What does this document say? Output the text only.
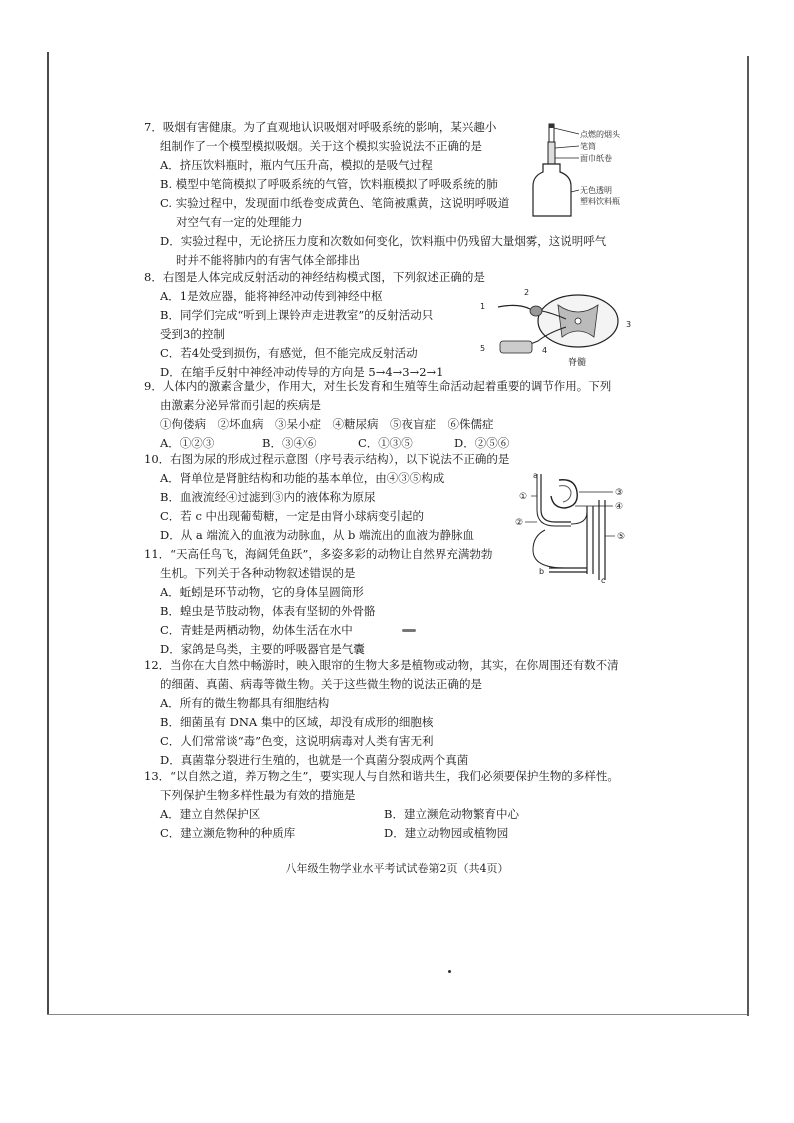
7．吸烟有害健康。为了直观地认识吸烟对呼吸系统的影响，某兴趣小
组制作了一个模型模拟吸烟。关于这个模拟实验说法不正确的是
A．挤压饮料瓶时，瓶内气压升高，模拟的是吸气过程
B. 模型中笔筒模拟了呼吸系统的气管，饮料瓶模拟了呼吸系统的肺
C. 实验过程中，发现面巾纸卷变成黄色、笔筒被熏黄，这说明呼吸道
对空气有一定的处理能力
D．实验过程中，无论挤压力度和次数如何变化，饮料瓶中仍残留大量烟雾，这说明呼气
时并不能将肺内的有害气体全部排出
点燃的烟头
笔筒
面巾纸卷
无色透明
塑料饮料瓶
8．右图是人体完成反射活动的神经结构模式图，下列叙述正确的是
A．1是效应器，能将神经冲动传到神经中枢
B．同学们完成“听到上课铃声走进教室”的反射活动只
受到3的控制
C．若4处受到损伤，有感觉，但不能完成反射活动
D．在缩手反射中神经冲动传导的方向是 5→4→3→2→1
1
2
3
4
5
脊髓
9．人体内的激素含量少，作用大，对生长发育和生殖等生命活动起着重要的调节作用。下列
由激素分泌异常而引起的疾病是
①佝偻病　②坏血病　③呆小症　④糖尿病　⑤夜盲症　⑥侏儒症
A．①②③	B．③④⑥	C．①③⑤	D．②⑤⑥
10．右图为尿的形成过程示意图（序号表示结构），以下说法不正确的是
A．肾单位是肾脏结构和功能的基本单位，由④③⑤构成
B．血液流经④过滤到③内的液体称为原尿
C．若 c 中出现葡萄糖，一定是由肾小球病变引起的
D．从 a 端流入的血液为动脉血，从 b 端流出的血液为静脉血
a
①
②
③
④
⑤
b
c
11．“天高任鸟飞，海阔凭鱼跃”，多姿多彩的动物让自然界充满勃勃
生机。下列关于各种动物叙述错误的是
A．蚯蚓是环节动物，它的身体呈圆筒形
B．蝗虫是节肢动物，体表有坚韧的外骨骼
C．青蛙是两栖动物，幼体生活在水中
D．家鸽是鸟类，主要的呼吸器官是气囊
12．当你在大自然中畅游时，映入眼帘的生物大多是植物或动物，其实，在你周围还有数不清
的细菌、真菌、病毒等微生物。关于这些微生物的说法正确的是
A．所有的微生物都具有细胞结构
B．细菌虽有 DNA 集中的区域，却没有成形的细胞核
C．人们常常谈“毒”色变，这说明病毒对人类有害无利
D．真菌靠分裂进行生殖的，也就是一个真菌分裂成两个真菌
13．“以自然之道，养万物之生”，要实现人与自然和谐共生，我们必须要保护生物的多样性。
下列保护生物多样性最为有效的措施是
A．建立自然保护区	B．建立濒危动物繁育中心
C．建立濒危物种的种质库	D．建立动物园或植物园
八年级生物学业水平考试试卷第2页（共4页）
